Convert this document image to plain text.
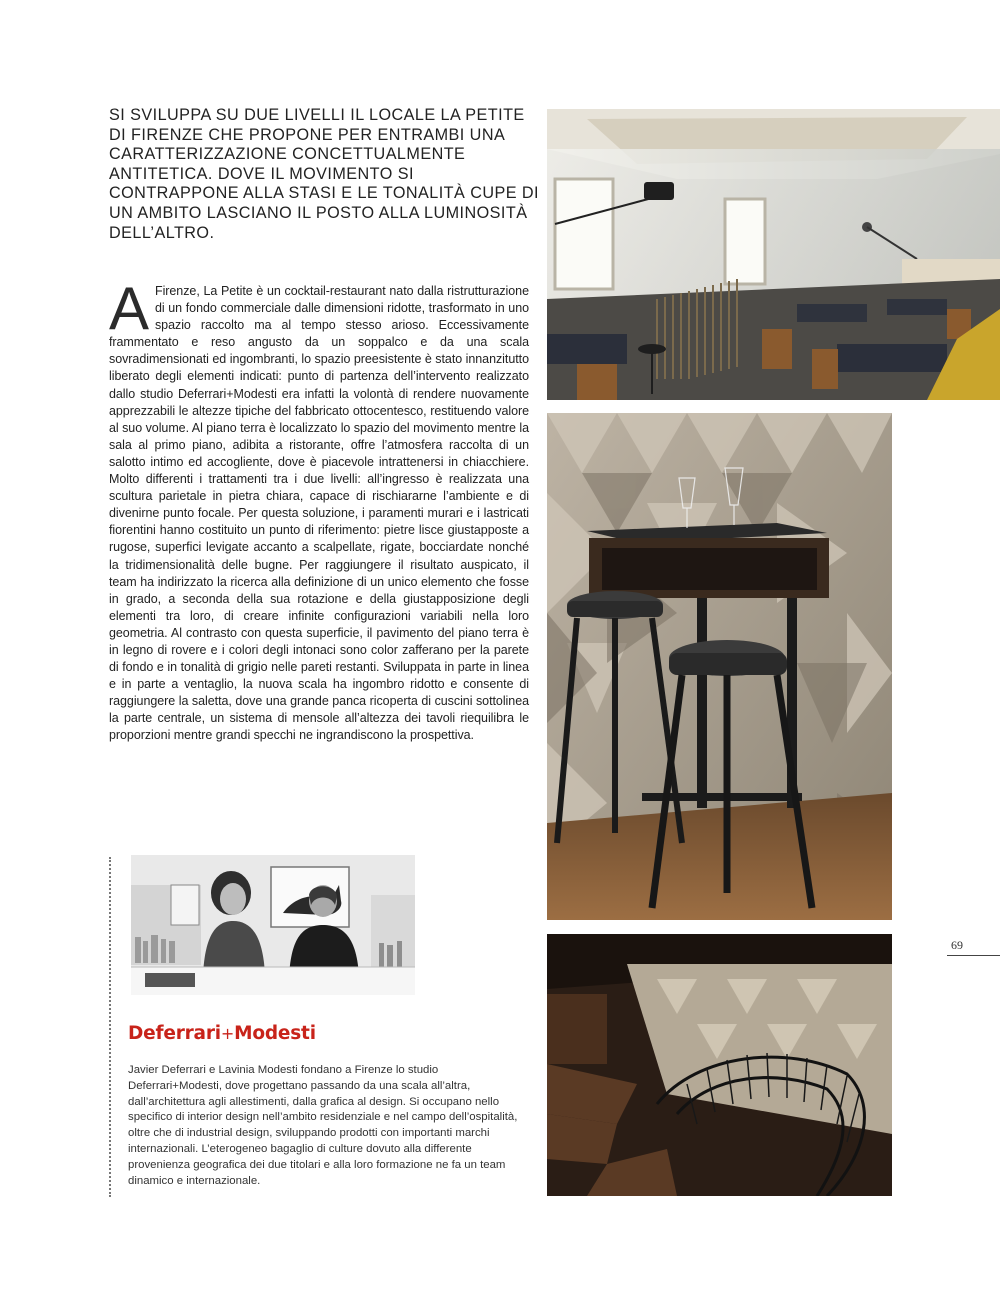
SI SVILUPPA SU DUE LIVELLI IL LOCALE LA PETITE DI FIRENZE CHE PROPONE PER ENTRAMBI UNA CARATTERIZZAZIONE CONCETTUALMENTE ANTITETICA. DOVE IL MOVIMENTO SI CONTRAPPONE ALLA STASI E LE TONALITÀ CUPE DI UN AMBITO LASCIANO IL POSTO ALLA LUMINOSITÀ DELL’ALTRO.
A Firenze, La Petite è un cocktail-restaurant nato dalla ristrutturazione di un fondo commerciale dalle dimensioni ridotte, trasformato in uno spazio raccolto ma al tempo stesso arioso. Eccessivamente frammentato e reso angusto da un soppalco e da una scala sovradimensionati ed ingombranti, lo spazio preesistente è stato innanzitutto liberato degli elementi indicati: punto di partenza dell’intervento realizzato dallo studio Deferrari+Modesti era infatti la volontà di rendere nuovamente apprezzabili le altezze tipiche del fabbricato ottocentesco, restituendo valore al suo volume. Al piano terra è localizzato lo spazio del movimento mentre la sala al primo piano, adibita a ristorante, offre l’atmosfera raccolta di un salotto intimo ed accogliente, dove è piacevole intrattenersi in chiacchiere. Molto differenti i trattamenti tra i due livelli: all’ingresso è realizzata una scultura parietale in pietra chiara, capace di rischiararne l’ambiente e di divenirne punto focale. Per questa soluzione, i paramenti murari e i lastricati fiorentini hanno costituito un punto di riferimento: pietre lisce giustapposte a rugose, superfici levigate accanto a scalpellate, rigate, bocciardate nonché la tridimensionalità delle bugne. Per raggiungere il risultato auspicato, il team ha indirizzato la ricerca alla definizione di un unico elemento che fosse in grado, a seconda della sua rotazione e della giustapposizione degli elementi tra loro, di creare infinite configurazioni variabili nella loro geometria. Al contrasto con questa superficie, il pavimento del piano terra è in legno di rovere e i colori degli intonaci sono color zafferano per la parete di fondo e in tonalità di grigio nelle pareti restanti. Sviluppata in parte in linea e in parte a ventaglio, la nuova scala ha ingombro ridotto e consente di raggiungere la saletta, dove una grande panca ricoperta di cuscini sottolinea la parte centrale, un sistema di mensole all’altezza dei tavoli riequilibra le proporzioni mentre grandi specchi ne ingrandiscono la prospettiva.
69
Deferrari+Modesti
Javier Deferrari e Lavinia Modesti fondano a Firenze lo studio Deferrari+Modesti, dove progettano passando da una scala all’altra, dall’architettura agli allestimenti, dalla grafica al design. Si occupano nello specifico di interior design nell’ambito residenziale e nel campo dell’ospitalità, oltre che di industrial design, sviluppando prodotti con importanti marchi internazionali. L’eterogeneo bagaglio di culture dovuto alla differente provenienza geografica dei due titolari e alla loro formazione ne fa un team dinamico e internazionale.
